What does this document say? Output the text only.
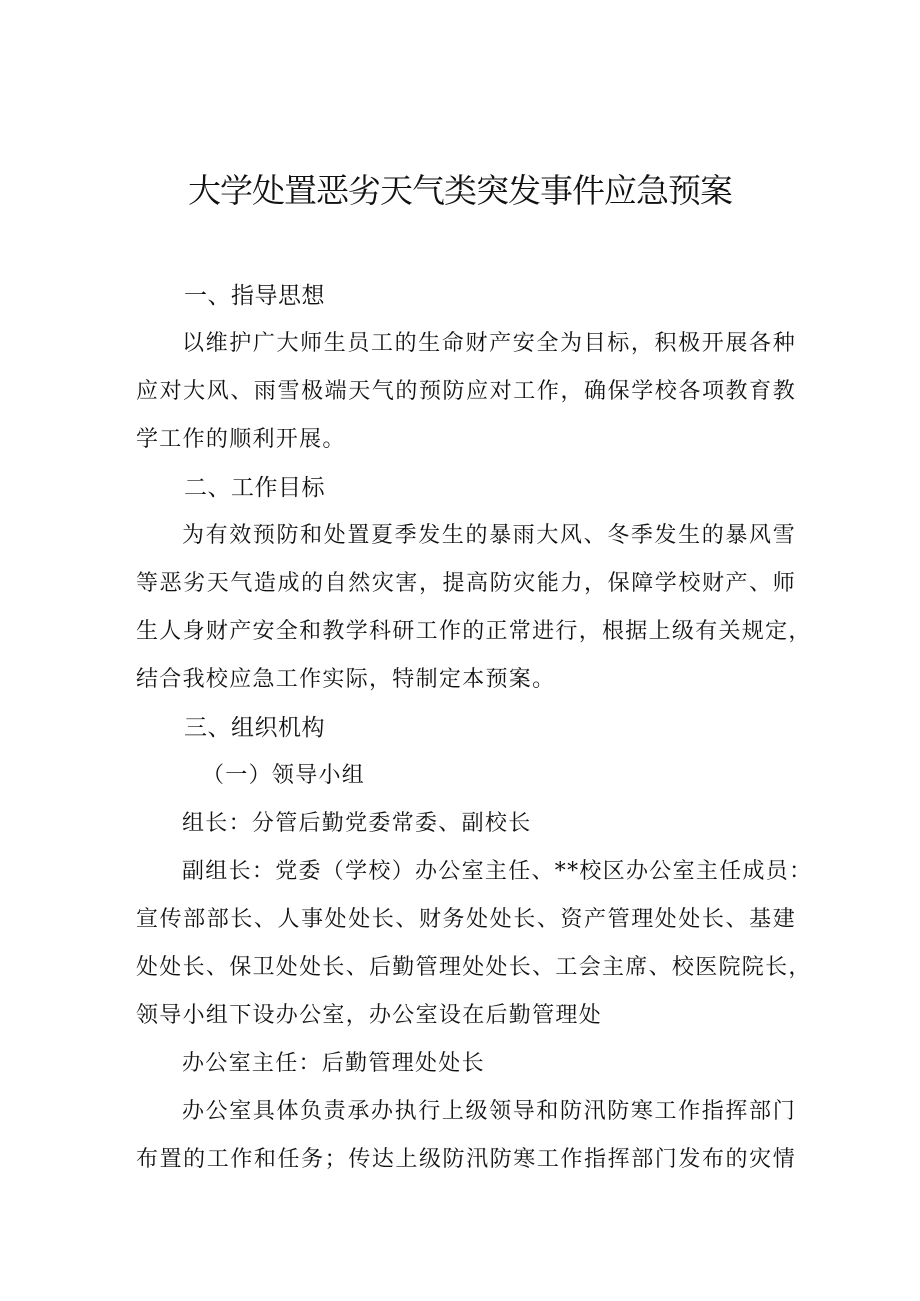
大学处置恶劣天气类突发事件应急预案
一、指导思想
以维护广大师生员工的生命财产安全为目标，积极开展各种
应对大风、雨雪极端天气的预防应对工作，确保学校各项教育教
学工作的顺利开展。
二、工作目标
为有效预防和处置夏季发生的暴雨大风、冬季发生的暴风雪
等恶劣天气造成的自然灾害，提高防灾能力，保障学校财产、师
生人身财产安全和教学科研工作的正常进行，根据上级有关规定，
结合我校应急工作实际，特制定本预案。
三、组织机构
（一）领导小组
组长：分管后勤党委常委、副校长
副组长：党委（学校）办公室主任、**校区办公室主任成员：
宣传部部长、人事处处长、财务处处长、资产管理处处长、基建
处处长、保卫处处长、后勤管理处处长、工会主席、校医院院长，
领导小组下设办公室，办公室设在后勤管理处
办公室主任：后勤管理处处长
办公室具体负责承办执行上级领导和防汛防寒工作指挥部门
布置的工作和任务；传达上级防汛防寒工作指挥部门发布的灾情
